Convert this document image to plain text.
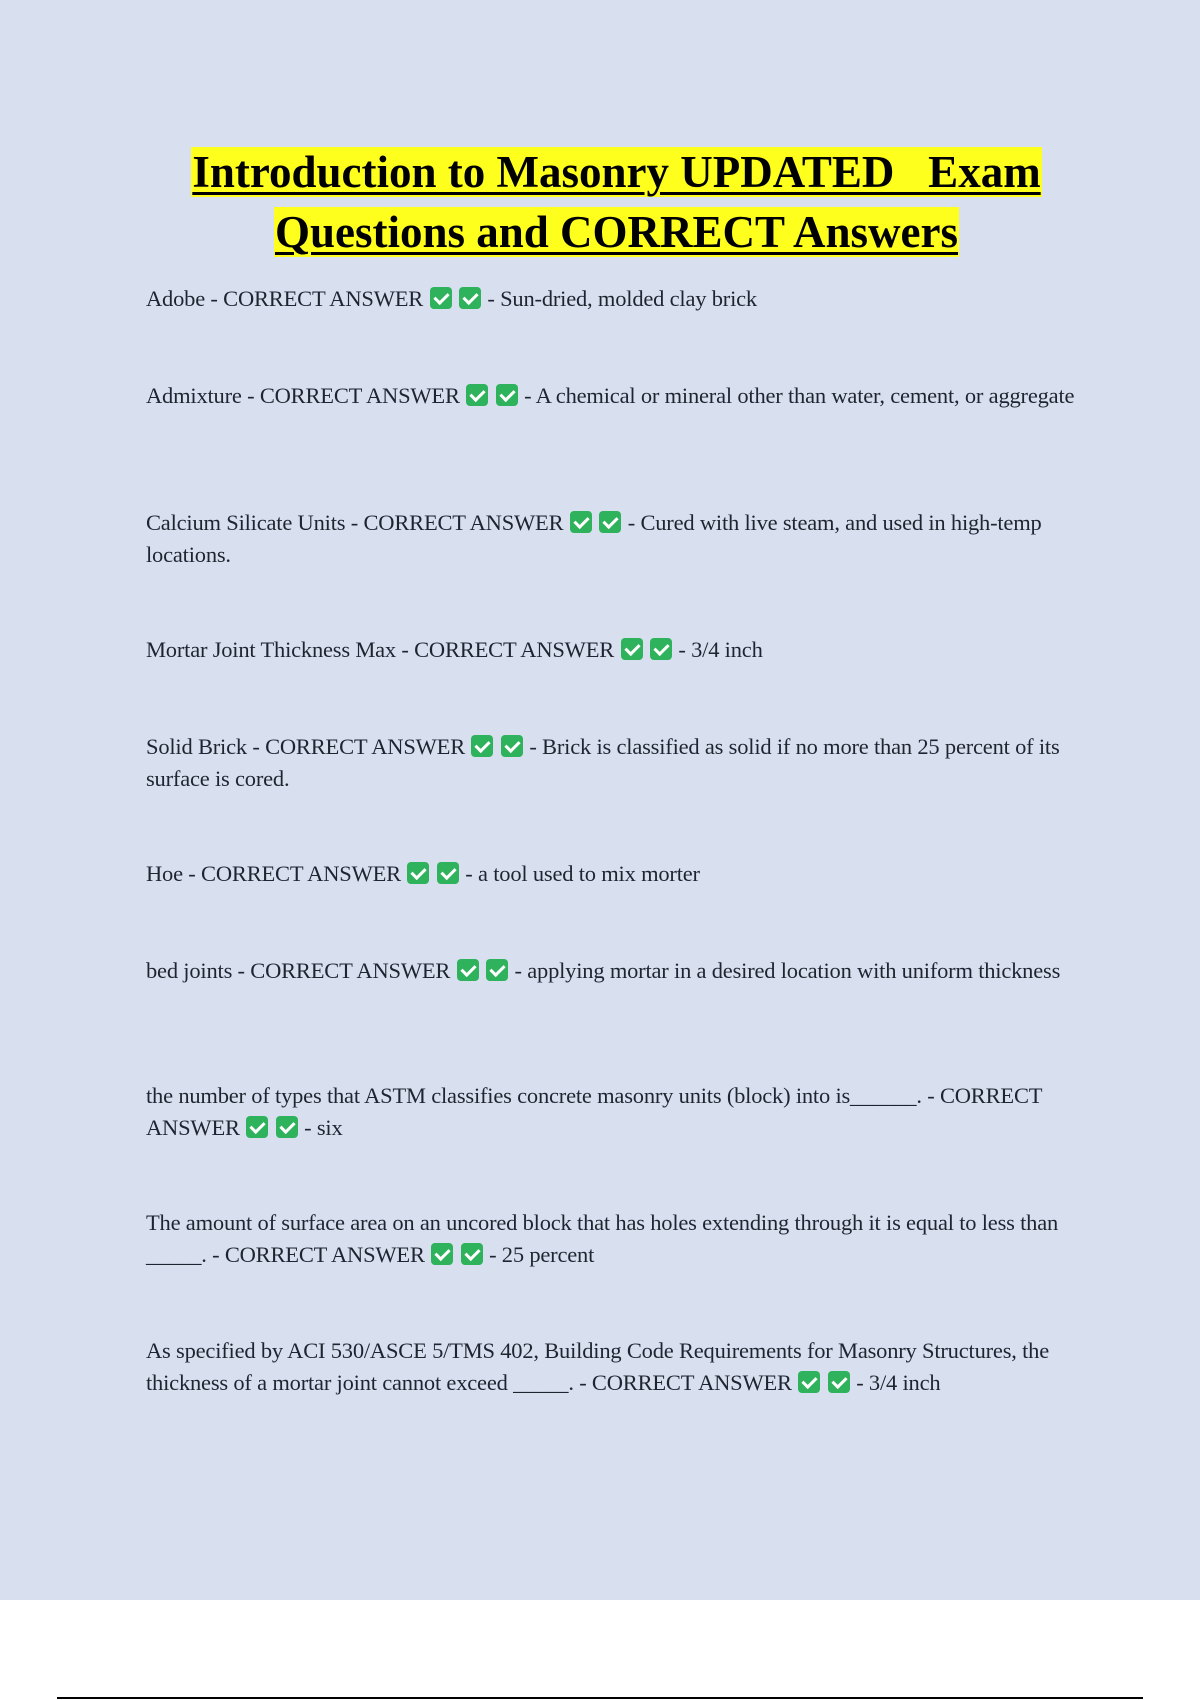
Introduction to Masonry UPDATED   Exam
Questions and CORRECT Answers

Adobe - CORRECT ANSWER	- Sun-dried, molded clay brick

Admixture - CORRECT ANSWER	- A chemical or mineral other than water, cement, or aggregate

Calcium Silicate Units - CORRECT ANSWER	- Cured with live steam, and used in high-temp locations.

Mortar Joint Thickness Max - CORRECT ANSWER	- 3/4 inch

Solid Brick - CORRECT ANSWER	- Brick is classified as solid if no more than 25 percent of its surface is cored.

Hoe - CORRECT ANSWER	- a tool used to mix morter

bed joints - CORRECT ANSWER	- applying mortar in a desired location with uniform thickness

the number of types that ASTM classifies concrete masonry units (block) into is______. - CORRECT ANSWER	- six

The amount of surface area on an uncored block that has holes extending through it is equal to less than _____. - CORRECT ANSWER	- 25 percent

As specified by ACI 530/ASCE 5/TMS 402, Building Code Requirements for Masonry Structures, the thickness of a mortar joint cannot exceed _____. - CORRECT ANSWER	- 3/4 inch
